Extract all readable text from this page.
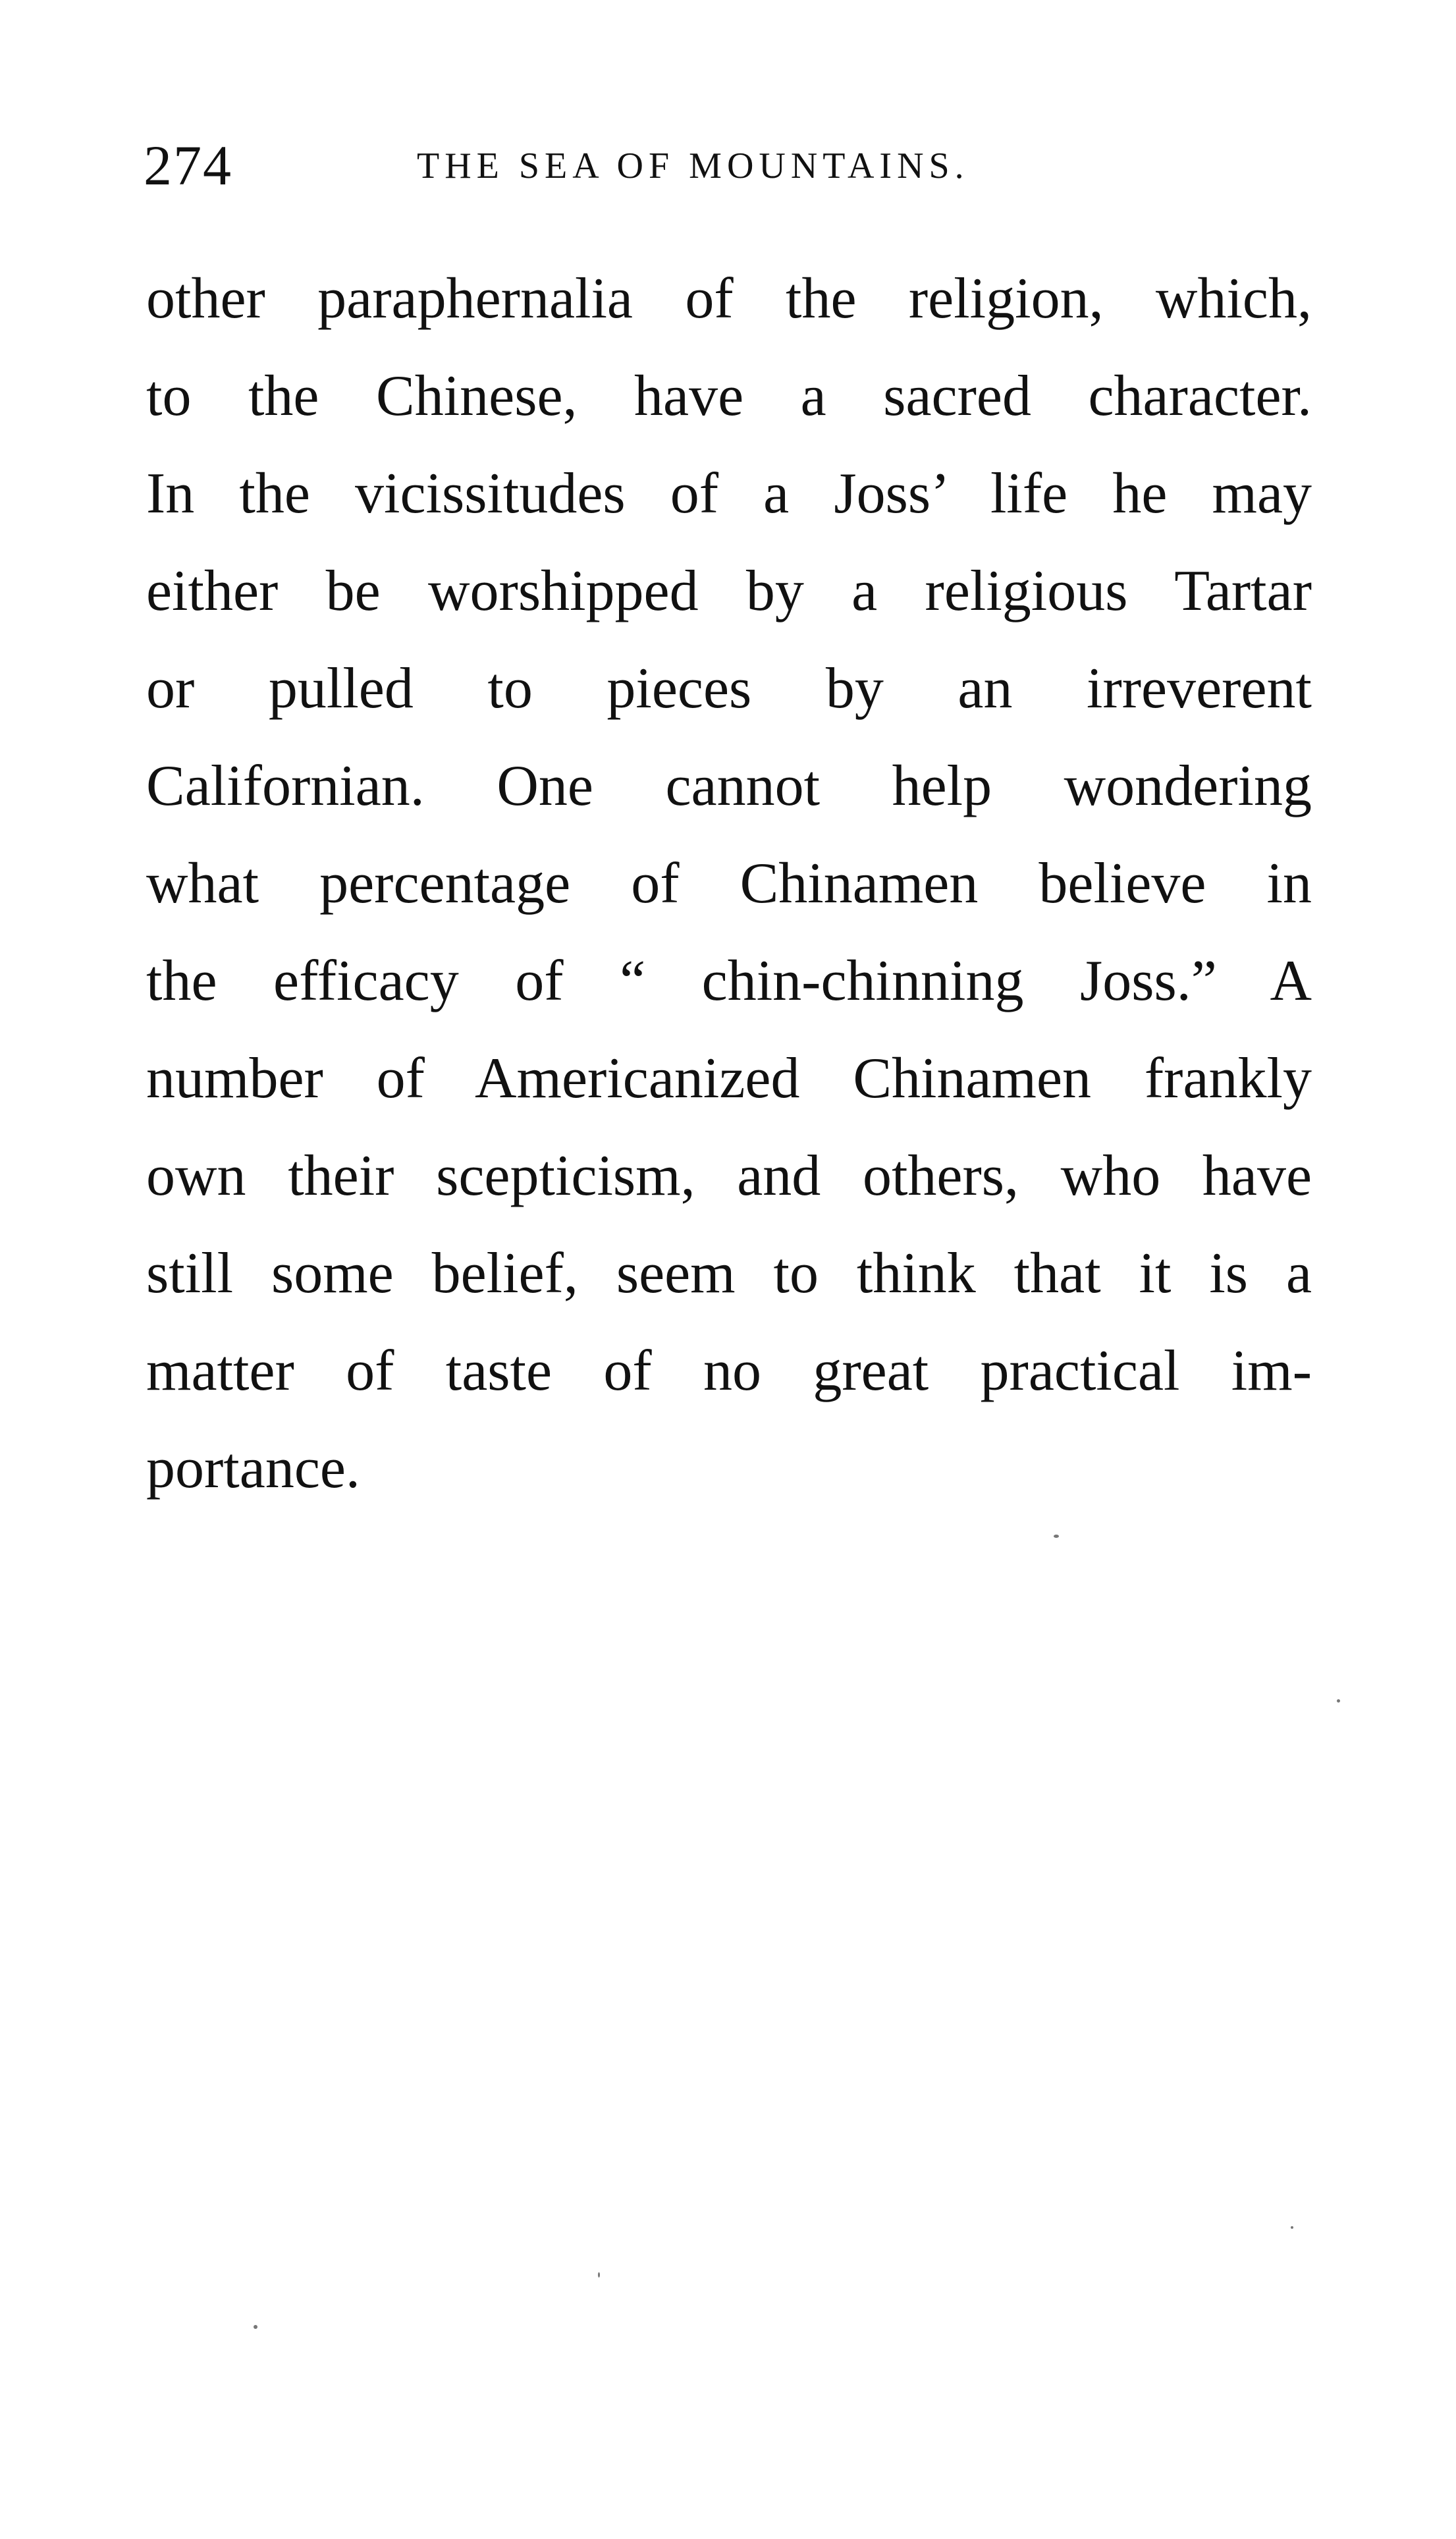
274	THE SEA OF MOUNTAINS.
other paraphernalia of the religion, which,
to the Chinese, have a sacred character.
In the vicissitudes of a Joss’ life he may
either be worshipped by a religious Tartar
or pulled to pieces by an irreverent
Californian. One cannot help wondering
what percentage of Chinamen believe in
the efficacy of “ chin-chinning Joss.” A
number of Americanized Chinamen frankly
own their scepticism, and others, who have
still some belief, seem to think that it is a
matter of taste of no great practical im-
portance.
